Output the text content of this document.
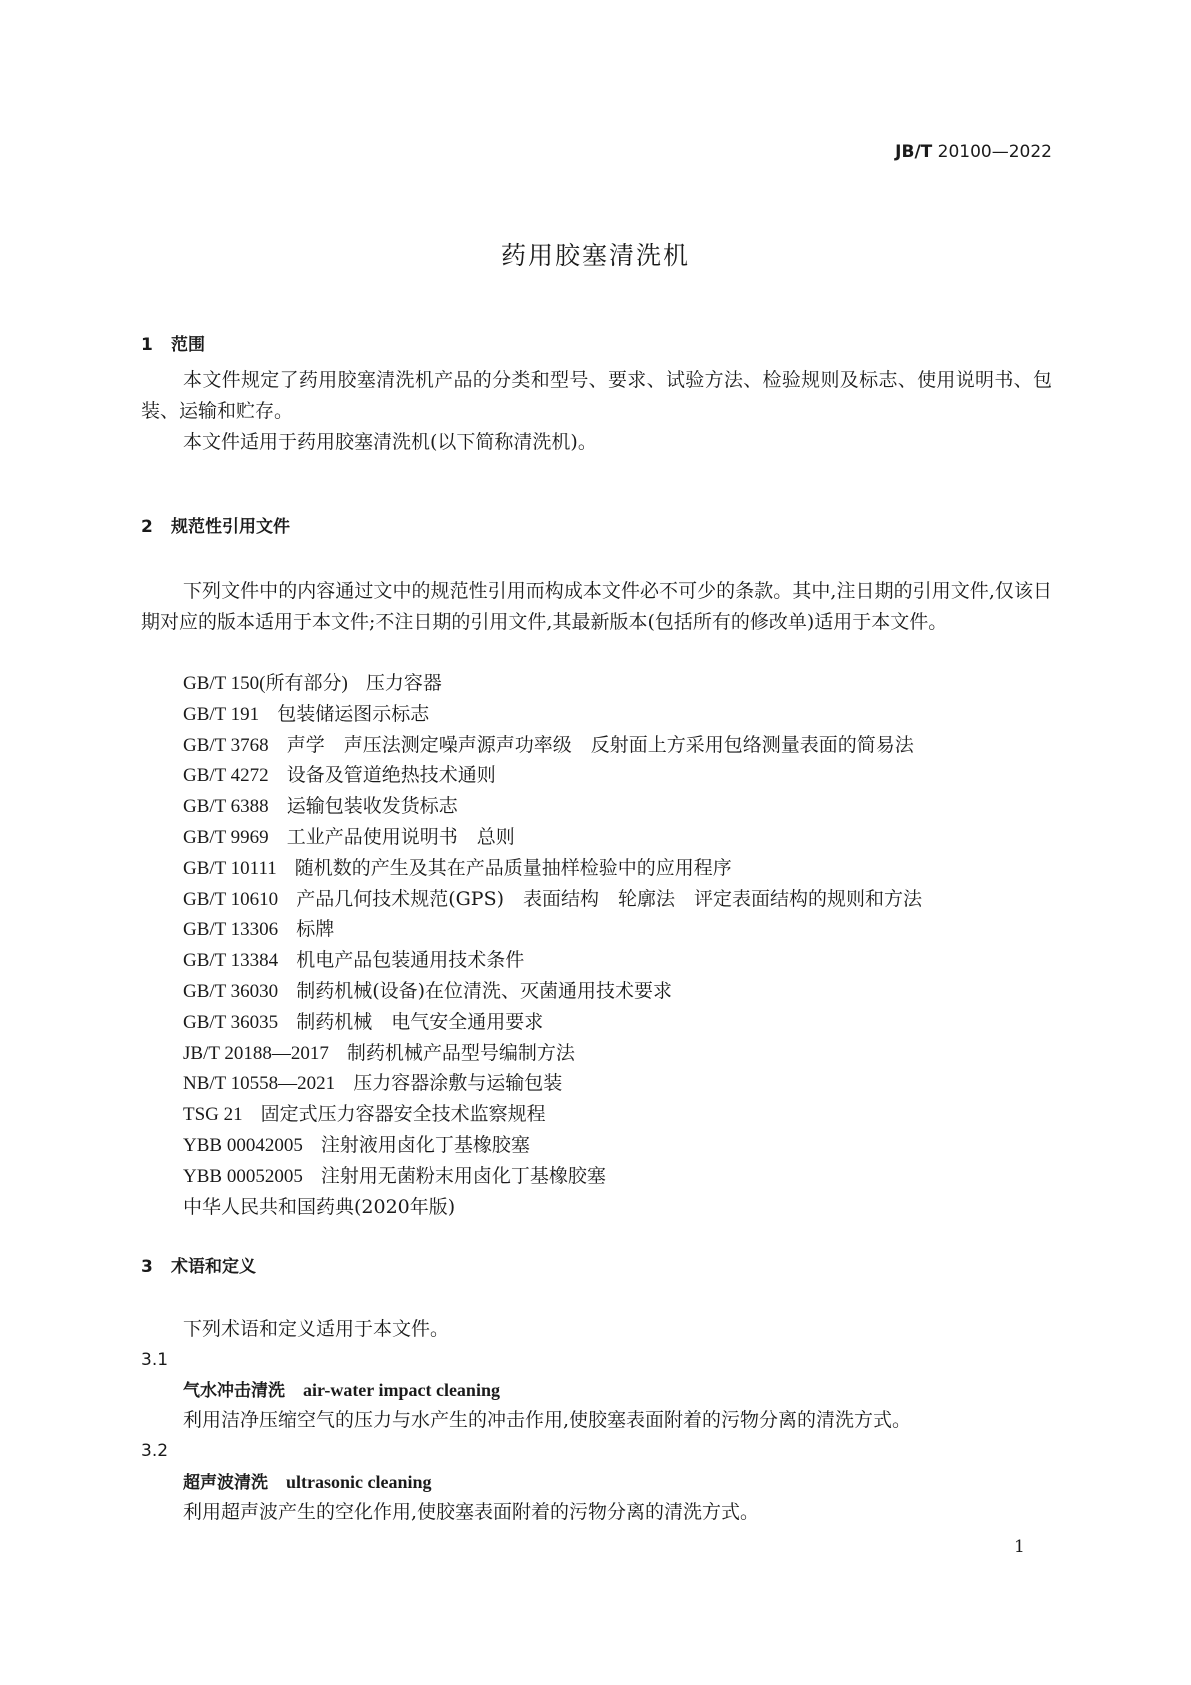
JB/T 20100—2022
药用胶塞清洗机
1 范围
本文件规定了药用胶塞清洗机产品的分类和型号、要求、试验方法、检验规则及标志、使用说明书、包装、运输和贮存。
本文件适用于药用胶塞清洗机(以下简称清洗机)。
2 规范性引用文件
下列文件中的内容通过文中的规范性引用而构成本文件必不可少的条款。其中,注日期的引用文件,仅该日期对应的版本适用于本文件;不注日期的引用文件,其最新版本(包括所有的修改单)适用于本文件。
GB/T 150(所有部分) 压力容器
GB/T 191 包装储运图示标志
GB/T 3768 声学　声压法测定噪声源声功率级　反射面上方采用包络测量表面的简易法
GB/T 4272 设备及管道绝热技术通则
GB/T 6388 运输包装收发货标志
GB/T 9969 工业产品使用说明书　总则
GB/T 10111 随机数的产生及其在产品质量抽样检验中的应用程序
GB/T 10610 产品几何技术规范(GPS)　表面结构　轮廓法　评定表面结构的规则和方法
GB/T 13306 标牌
GB/T 13384 机电产品包装通用技术条件
GB/T 36030 制药机械(设备)在位清洗、灭菌通用技术要求
GB/T 36035 制药机械　电气安全通用要求
JB/T 20188—2017 制药机械产品型号编制方法
NB/T 10558—2021 压力容器涂敷与运输包装
TSG 21 固定式压力容器安全技术监察规程
YBB 00042005 注射液用卤化丁基橡胶塞
YBB 00052005 注射用无菌粉末用卤化丁基橡胶塞
中华人民共和国药典(2020年版)
3 术语和定义
下列术语和定义适用于本文件。
3.1
气水冲击清洗 air-water impact cleaning
利用洁净压缩空气的压力与水产生的冲击作用,使胶塞表面附着的污物分离的清洗方式。
3.2
超声波清洗 ultrasonic cleaning
利用超声波产生的空化作用,使胶塞表面附着的污物分离的清洗方式。
1
